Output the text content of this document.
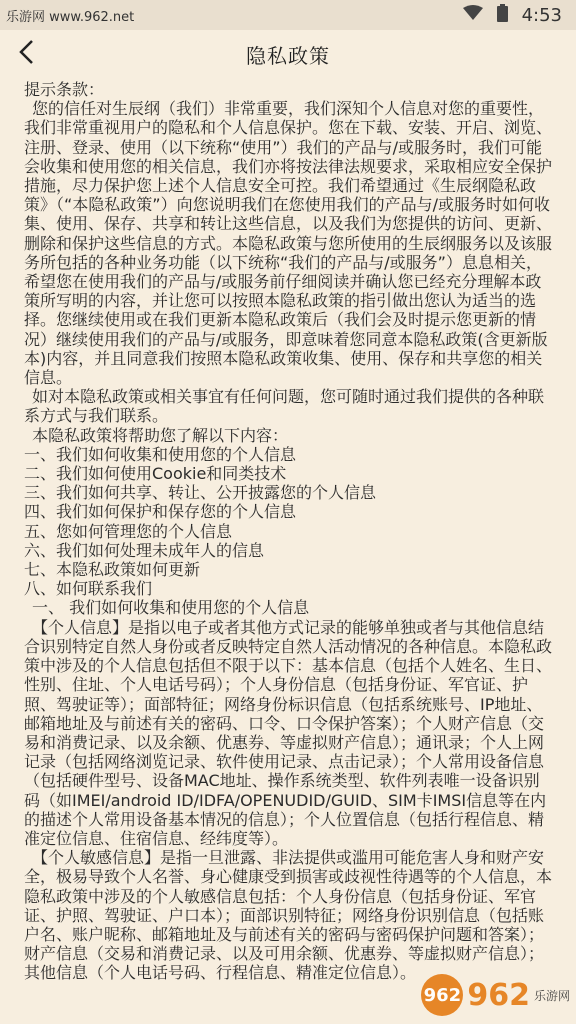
乐游网 www.962.net	4:53
隐私政策

提示条款：

您的信任对生辰纲（我们）非常重要，我们深知个人信息对您的重要性，我们非常重视用户的隐私和个人信息保护。您在下载、安装、开启、浏览、注册、登录、使用（以下统称“使用”）我们的产品与/或服务时，我们可能会收集和使用您的相关信息，我们亦将按法律法规要求，采取相应安全保护措施，尽力保护您上述个人信息安全可控。我们希望通过《生辰纲隐私政策》（“本隐私政策”）向您说明我们在您使用我们的产品与/或服务时如何收集、使用、保存、共享和转让这些信息，以及我们为您提供的访问、更新、删除和保护这些信息的方式。本隐私政策与您所使用的生辰纲服务以及该服务所包括的各种业务功能（以下统称“我们的产品与/或服务”）息息相关，希望您在使用我们的产品与/或服务前仔细阅读并确认您已经充分理解本政策所写明的内容，并让您可以按照本隐私政策的指引做出您认为适当的选择。您继续使用或在我们更新本隐私政策后（我们会及时提示您更新的情况）继续使用我们的产品与/或服务，即意味着您同意本隐私政策(含更新版本)内容，并且同意我们按照本隐私政策收集、使用、保存和共享您的相关信息。

如对本隐私政策或相关事宜有任何问题，您可随时通过我们提供的各种联系方式与我们联系。

本隐私政策将帮助您了解以下内容：

一、我们如何收集和使用您的个人信息

二、我们如何使用Cookie和同类技术

三、我们如何共享、转让、公开披露您的个人信息

四、我们如何保护和保存您的个人信息

五、您如何管理您的个人信息

六、我们如何处理未成年人的信息

七、本隐私政策如何更新

八、如何联系我们

一、 我们如何收集和使用您的个人信息

【个人信息】是指以电子或者其他方式记录的能够单独或者与其他信息结合识别特定自然人身份或者反映特定自然人活动情况的各种信息。本隐私政策中涉及的个人信息包括但不限于以下：基本信息（包括个人姓名、生日、性别、住址、个人电话号码）；个人身份信息（包括身份证、军官证、护照、驾驶证等）；面部特征；网络身份标识信息（包括系统账号、IP地址、邮箱地址及与前述有关的密码、口令、口令保护答案）；个人财产信息（交易和消费记录、以及余额、优惠券、等虚拟财产信息）；通讯录；个人上网记录（包括网络浏览记录、软件使用记录、点击记录）；个人常用设备信息（包括硬件型号、设备MAC地址、操作系统类型、软件列表唯一设备识别码（如IMEI/android ID/IDFA/OPENUDID/GUID、SIM卡IMSI信息等在内的描述个人常用设备基本情况的信息）；个人位置信息（包括行程信息、精准定位信息、住宿信息、经纬度等）。

【个人敏感信息】是指一旦泄露、非法提供或滥用可能危害人身和财产安全，极易导致个人名誉、身心健康受到损害或歧视性待遇等的个人信息，本隐私政策中涉及的个人敏感信息包括：个人身份信息（包括身份证、军官证、护照、驾驶证、户口本）；面部识别特征；网络身份识别信息（包括账户名、账户昵称、邮箱地址及与前述有关的密码与密码保护问题和答案）；财产信息（交易和消费记录、以及可用余额、优惠券、等虚拟财产信息）；其他信息（个人电话号码、行程信息、精准定位信息）。

962 962 乐游网
